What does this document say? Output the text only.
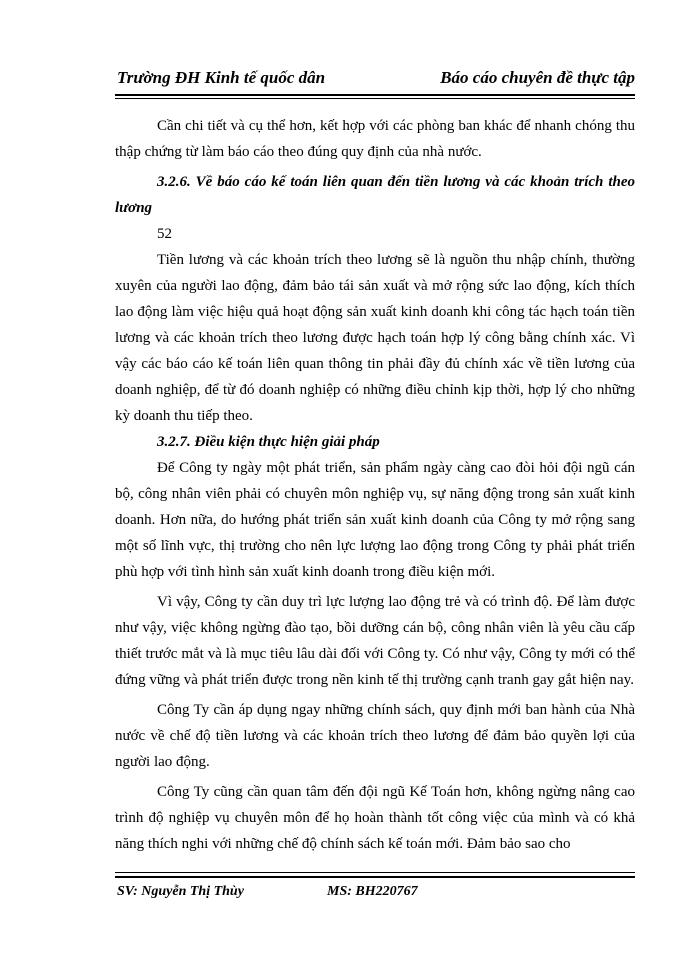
Trường ĐH Kinh tế quốc dân	Báo cáo chuyên đề thực tập

Cần chi tiết và cụ thể hơn, kết hợp với các phòng ban khác để nhanh chóng thu thập chứng từ làm báo cáo theo đúng quy định của nhà nước.

3.2.6. Về báo cáo kế toán liên quan đến tiền lương và các khoản trích theo lương

52

Tiền lương và các khoản trích theo lương sẽ là nguồn thu nhập chính, thường xuyên của người lao động, đảm bảo tái sản xuất và mở rộng sức lao động, kích thích lao động làm việc hiệu quả hoạt động sản xuất kinh doanh khi công tác hạch toán tiền lương và các khoản trích theo lương được hạch toán hợp lý công bằng chính xác. Vì vậy các báo cáo kế toán liên quan thông tin phải đầy đủ chính xác về tiền lương của doanh nghiệp, để từ đó doanh nghiệp có những điều chỉnh kịp thời, hợp lý cho những kỳ doanh thu tiếp theo.

3.2.7. Điều kiện thực hiện giải pháp

Để Công ty ngày một phát triển, sản phẩm ngày càng cao đòi hỏi đội ngũ cán bộ, công nhân viên phải có chuyên môn nghiệp vụ, sự năng động trong sản xuất kinh doanh. Hơn nữa, do hướng phát triển sản xuất kinh doanh của Công ty mở rộng sang một số lĩnh vực, thị trường cho nên lực lượng lao động trong Công ty phải phát triển phù hợp với tình hình sản xuất kinh doanh trong điều kiện mới.

Vì vậy, Công ty cần duy trì lực lượng lao động trẻ và có trình độ. Để làm được như vậy, việc không ngừng đào tạo, bồi dưỡng cán bộ, công nhân viên là yêu cầu cấp thiết trước mắt và là mục tiêu lâu dài đối với Công ty. Có như vậy, Công ty mới có thể đứng vững và phát triển được trong nền kinh tế thị trường cạnh tranh gay gắt hiện nay.

Công Ty cần áp dụng ngay những chính sách, quy định mới ban hành của Nhà nước về chế độ tiền lương và các khoản trích theo lương để đảm bảo quyền lợi của người lao động.

Công Ty cũng cần quan tâm đến đội ngũ Kế Toán hơn, không ngừng nâng cao trình độ nghiệp vụ chuyên môn để họ hoàn thành tốt công việc của mình và có khả năng thích nghi với những chế độ chính sách kế toán mới. Đảm bảo sao cho

SV: Nguyễn Thị Thùy	MS: BH220767
